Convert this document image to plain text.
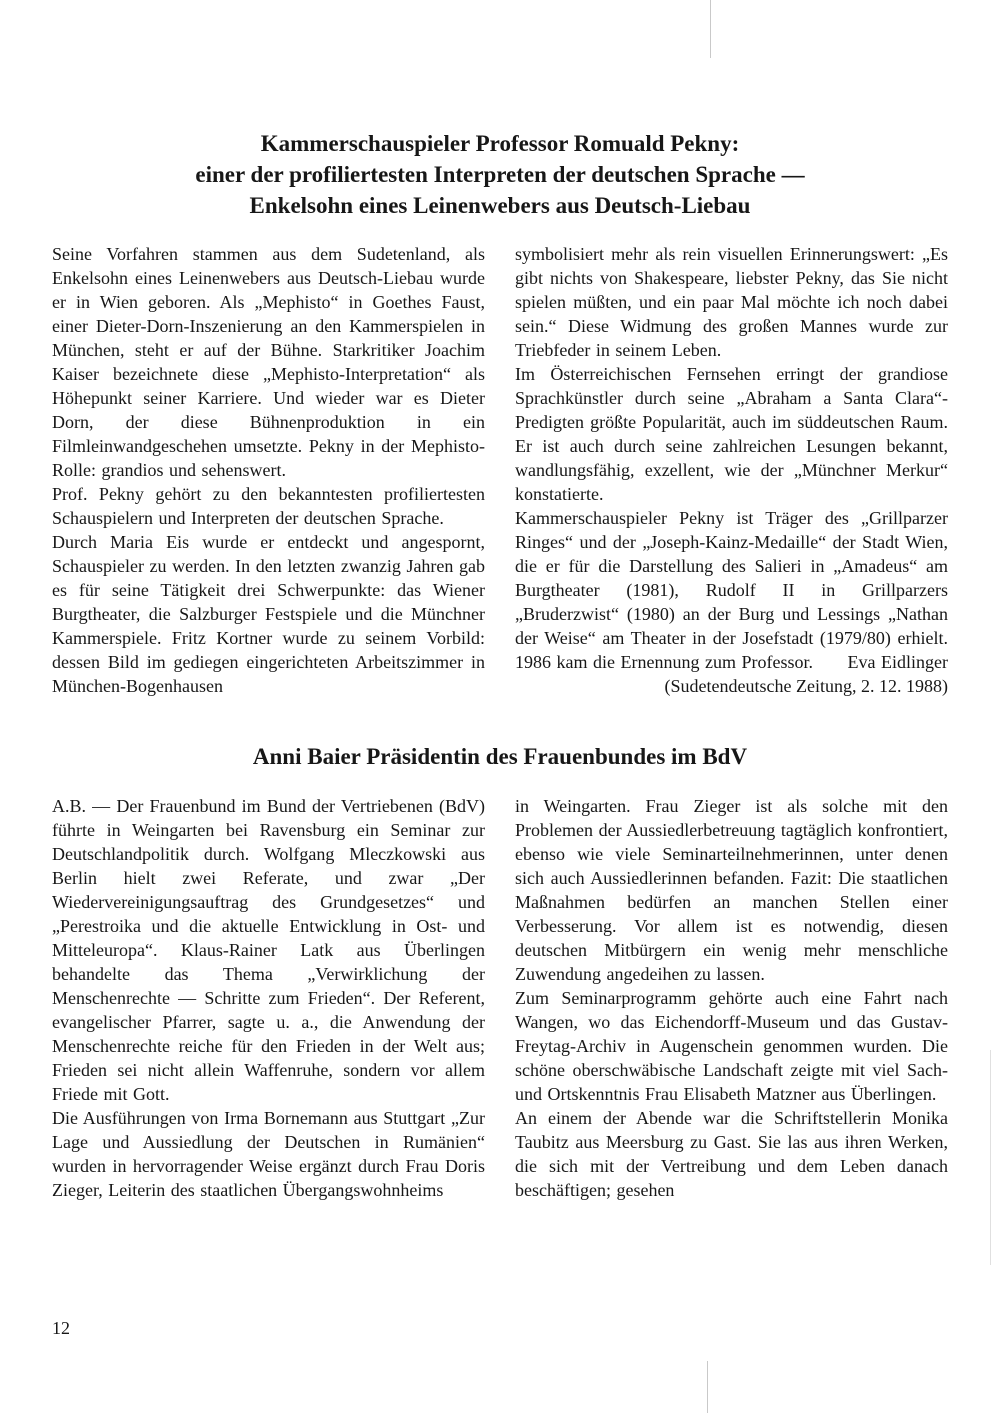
Kammerschauspieler Professor Romuald Pekny:
einer der profiliertesten Interpreten der deutschen Sprache —
Enkelsohn eines Leinenwebers aus Deutsch-Liebau

Seine Vorfahren stammen aus dem Sudetenland, als Enkelsohn eines Leinenwebers aus Deutsch-Liebau wurde er in Wien geboren. Als „Mephisto“ in Goethes Faust, einer Dieter-Dorn-Inszenierung an den Kammerspielen in München, steht er auf der Bühne. Starkritiker Joachim Kaiser bezeichnete diese „Mephisto-Interpretation“ als Höhepunkt seiner Karriere. Und wieder war es Dieter Dorn, der diese Bühnenproduktion in ein Filmleinwandgeschehen umsetzte. Pekny in der Mephisto-Rolle: grandios und sehenswert.

Prof. Pekny gehört zu den bekanntesten profiliertesten Schauspielern und Interpreten der deutschen Sprache.

Durch Maria Eis wurde er entdeckt und angespornt, Schauspieler zu werden. In den letzten zwanzig Jahren gab es für seine Tätigkeit drei Schwerpunkte: das Wiener Burgtheater, die Salzburger Festspiele und die Münchner Kammerspiele. Fritz Kortner wurde zu seinem Vorbild: dessen Bild im gediegen eingerichteten Arbeitszimmer in München-Bogenhausen

symbolisiert mehr als rein visuellen Erinnerungswert: „Es gibt nichts von Shakespeare, liebster Pekny, das Sie nicht spielen müßten, und ein paar Mal möchte ich noch dabei sein.“ Diese Widmung des großen Mannes wurde zur Triebfeder in seinem Leben.

Im Österreichischen Fernsehen erringt der grandiose Sprachkünstler durch seine „Abraham a Santa Clara“-Predigten größte Popularität, auch im süddeutschen Raum. Er ist auch durch seine zahlreichen Lesungen bekannt, wandlungsfähig, exzellent, wie der „Münchner Merkur“ konstatierte.

Kammerschauspieler Pekny ist Träger des „Grillparzer Ringes“ und der „Joseph-Kainz-Medaille“ der Stadt Wien, die er für die Darstellung des Salieri in „Amadeus“ am Burgtheater (1981), Rudolf II in Grillparzers „Bruderzwist“ (1980) an der Burg und Lessings „Nathan der Weise“ am Theater in der Josefstadt (1979/80) erhielt. 1986 kam die Ernennung zum Professor. Eva Eidlinger

(Sudetendeutsche Zeitung, 2. 12. 1988)
Anni Baier Präsidentin des Frauenbundes im BdV

A.B. — Der Frauenbund im Bund der Vertriebenen (BdV) führte in Weingarten bei Ravensburg ein Seminar zur Deutschlandpolitik durch. Wolfgang Mleczkowski aus Berlin hielt zwei Referate, und zwar „Der Wiedervereinigungsauftrag des Grundgesetzes“ und „Perestroika und die aktuelle Entwicklung in Ost- und Mitteleuropa“. Klaus-Rainer Latk aus Überlingen behandelte das Thema „Verwirklichung der Menschenrechte — Schritte zum Frieden“. Der Referent, evangelischer Pfarrer, sagte u. a., die Anwendung der Menschenrechte reiche für den Frieden in der Welt aus; Frieden sei nicht allein Waffenruhe, sondern vor allem Friede mit Gott.

Die Ausführungen von Irma Bornemann aus Stuttgart „Zur Lage und Aussiedlung der Deutschen in Rumänien“ wurden in hervorragender Weise ergänzt durch Frau Doris Zieger, Leiterin des staatlichen Übergangswohnheims

in Weingarten. Frau Zieger ist als solche mit den Problemen der Aussiedlerbetreuung tagtäglich konfrontiert, ebenso wie viele Seminarteilnehmerinnen, unter denen sich auch Aussiedlerinnen befanden. Fazit: Die staatlichen Maßnahmen bedürfen an manchen Stellen einer Verbesserung. Vor allem ist es notwendig, diesen deutschen Mitbürgern ein wenig mehr menschliche Zuwendung angedeihen zu lassen.

Zum Seminarprogramm gehörte auch eine Fahrt nach Wangen, wo das Eichendorff-Museum und das Gustav-Freytag-Archiv in Augenschein genommen wurden. Die schöne oberschwäbische Landschaft zeigte mit viel Sach- und Ortskenntnis Frau Elisabeth Matzner aus Überlingen.

An einem der Abende war die Schriftstellerin Monika Taubitz aus Meersburg zu Gast. Sie las aus ihren Werken, die sich mit der Vertreibung und dem Leben danach beschäftigen; gesehen

12
